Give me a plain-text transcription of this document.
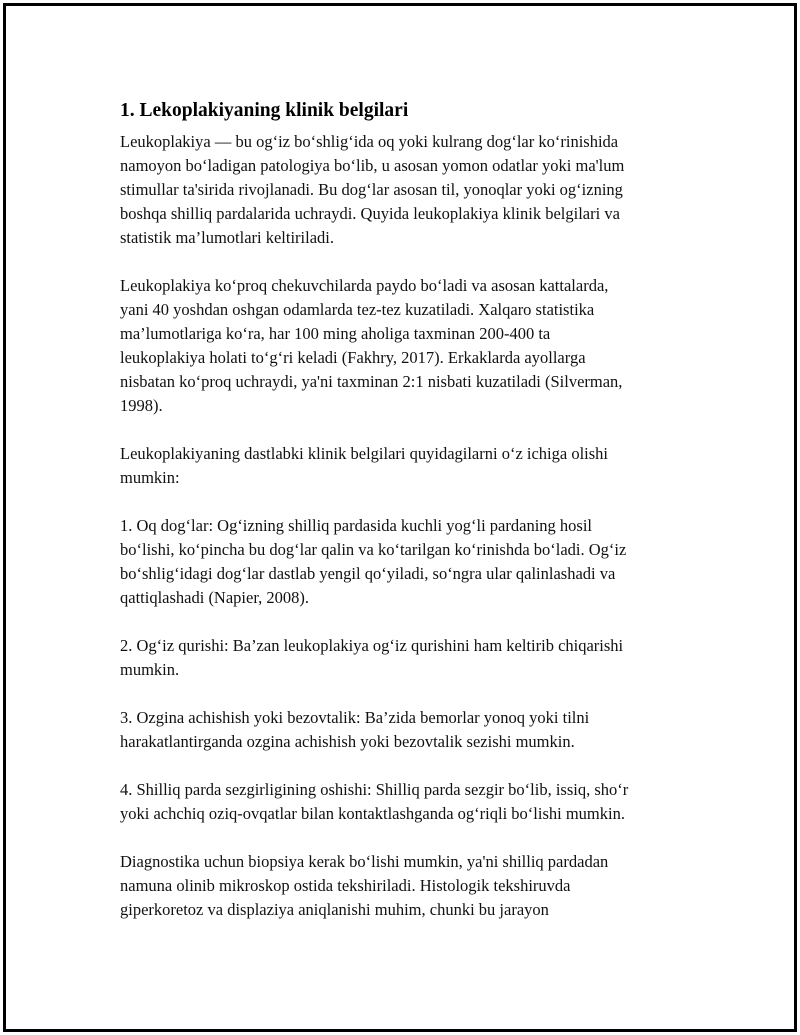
1. Lekoplakiyaning klinik belgilari

Leukoplakiya — bu og‘iz bo‘shlig‘ida oq yoki kulrang dog‘lar ko‘rinishida
namoyon bo‘ladigan patologiya bo‘lib, u asosan yomon odatlar yoki ma'lum
stimullar ta'sirida rivojlanadi. Bu dog‘lar asosan til, yonoqlar yoki og‘izning
boshqa shilliq pardalarida uchraydi. Quyida leukoplakiya klinik belgilari va
statistik ma’lumotlari keltiriladi.

Leukoplakiya ko‘proq chekuvchilarda paydo bo‘ladi va asosan kattalarda,
yani 40 yoshdan oshgan odamlarda tez-tez kuzatiladi. Xalqaro statistika
ma’lumotlariga ko‘ra, har 100 ming aholiga taxminan 200-400 ta
leukoplakiya holati to‘g‘ri keladi (Fakhry, 2017). Erkaklarda ayollarga
nisbatan ko‘proq uchraydi, ya'ni taxminan 2:1 nisbati kuzatiladi (Silverman,
1998).

Leukoplakiyaning dastlabki klinik belgilari quyidagilarni o‘z ichiga olishi
mumkin:

1. Oq dog‘lar: Og‘izning shilliq pardasida kuchli yog‘li pardaning hosil
bo‘lishi, ko‘pincha bu dog‘lar qalin va ko‘tarilgan ko‘rinishda bo‘ladi. Og‘iz
bo‘shlig‘idagi dog‘lar dastlab yengil qo‘yiladi, so‘ngra ular qalinlashadi va
qattiqlashadi (Napier, 2008).

2. Og‘iz qurishi: Ba’zan leukoplakiya og‘iz qurishini ham keltirib chiqarishi
mumkin.

3. Ozgina achishish yoki bezovtalik: Ba’zida bemorlar yonoq yoki tilni
harakatlantirganda ozgina achishish yoki bezovtalik sezishi mumkin.

4. Shilliq parda sezgirligining oshishi: Shilliq parda sezgir bo‘lib, issiq, sho‘r
yoki achchiq oziq-ovqatlar bilan kontaktlashganda og‘riqli bo‘lishi mumkin.

Diagnostika uchun biopsiya kerak bo‘lishi mumkin, ya'ni shilliq pardadan
namuna olinib mikroskop ostida tekshiriladi. Histologik tekshiruvda
giperkoretoz va displaziya aniqlanishi muhim, chunki bu jarayon
